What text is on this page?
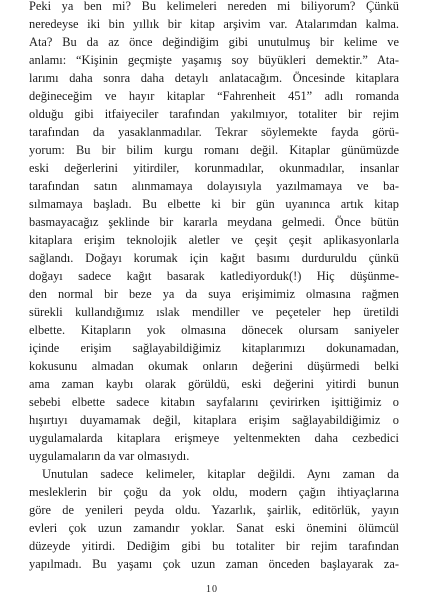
Peki ya ben mi? Bu kelimeleri nereden mi biliyorum? Çünkü
neredeyse iki bin yıllık bir kitap arşivim var. Atalarımdan kalma.
Ata? Bu da az önce değindiğim gibi unutulmuş bir kelime ve
anlamı: “Kişinin geçmişte yaşamış soy büyükleri demektir.” Ata-
larımı daha sonra daha detaylı anlatacağım. Öncesinde kitaplara
değineceğim ve hayır kitaplar “Fahrenheit 451” adlı romanda
olduğu gibi itfaiyeciler tarafından yakılmıyor, totaliter bir rejim
tarafından da yasaklanmadılar. Tekrar söylemekte fayda görü-
yorum: Bu bir bilim kurgu romanı değil. Kitaplar günümüzde
eski değerlerini yitirdiler, korunmadılar, okunmadılar, insanlar
tarafından satın alınmamaya dolayısıyla yazılmamaya ve ba-
sılmamaya başladı. Bu elbette ki bir gün uyanınca artık kitap
basmayacağız şeklinde bir kararla meydana gelmedi. Önce bütün
kitaplara erişim teknolojik aletler ve çeşit çeşit aplikasyonlarla
sağlandı. Doğayı korumak için kağıt basımı durduruldu çünkü
doğayı sadece kağıt basarak katlediyorduk(!) Hiç düşünme-
den normal bir beze ya da suya erişimimiz olmasına rağmen
sürekli kullandığımız ıslak mendiller ve peçeteler hep üretildi
elbette. Kitapların yok olmasına dönecek olursam saniyeler
içinde erişim sağlayabildiğimiz kitaplarımızı dokunamadan,
kokusunu almadan okumak onların değerini düşürmedi belki
ama zaman kaybı olarak görüldü, eski değerini yitirdi bunun
sebebi elbette sadece kitabın sayfalarını çevirirken işittiğimiz o
hışırtıyı duyamamak değil, kitaplara erişim sağlayabildiğimiz o
uygulamalarda kitaplara erişmeye yeltenmekten daha cezbedici
uygulamaların da var olmasıydı.
Unutulan sadece kelimeler, kitaplar değildi. Aynı zaman da
mesleklerin bir çoğu da yok oldu, modern çağın ihtiyaçlarına
göre de yenileri peyda oldu. Yazarlık, şairlik, editörlük, yayın
evleri çok uzun zamandır yoklar. Sanat eski önemini ölümcül
düzeyde yitirdi. Dediğim gibi bu totaliter bir rejim tarafından
yapılmadı. Bu yaşamı çok uzun zaman önceden başlayarak za-
10
